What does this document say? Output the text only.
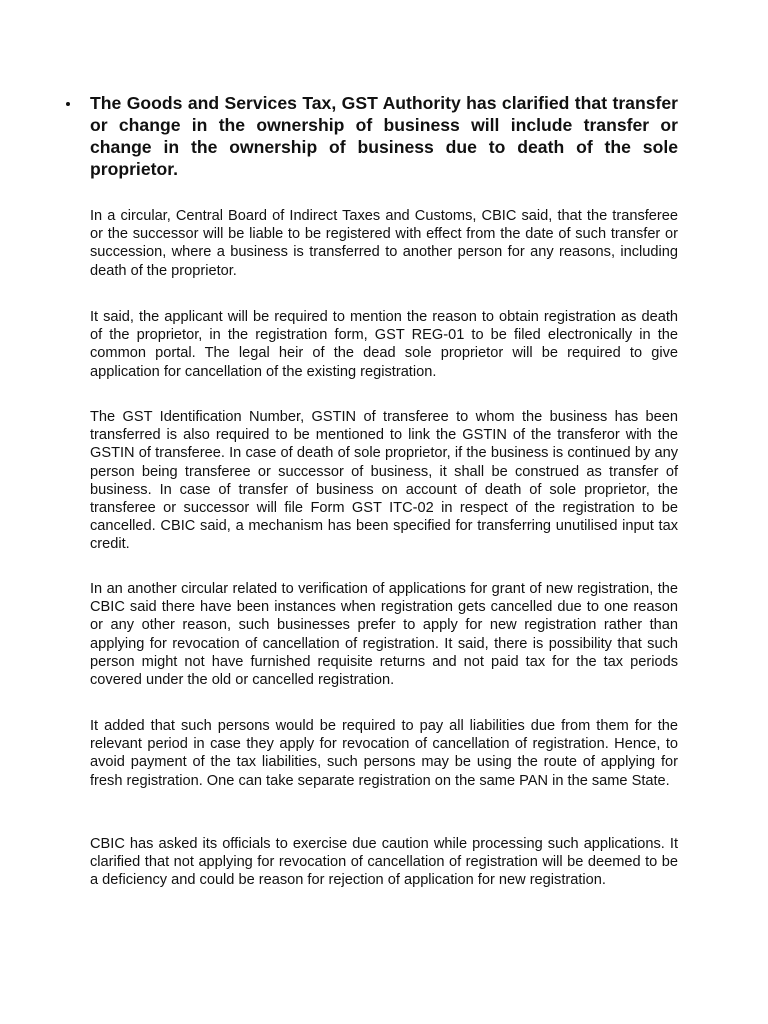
The Goods and Services Tax, GST Authority has clarified that transfer or change in the ownership of business will include transfer or change in the ownership of business due to death of the sole proprietor.

In a circular, Central Board of Indirect Taxes and Customs, CBIC said, that the transferee or the successor will be liable to be registered with effect from the date of such transfer or succession, where a business is transferred to another person for any reasons, including death of the proprietor.

It said, the applicant will be required to mention the reason to obtain registration as death of the proprietor, in the registration form, GST REG-01 to be filed electronically in the common portal. The legal heir of the dead sole proprietor will be required to give application for cancellation of the existing registration.

The GST Identification Number, GSTIN of transferee to whom the business has been transferred is also required to be mentioned to link the GSTIN of the transferor with the GSTIN of transferee. In case of death of sole proprietor, if the business is continued by any person being transferee or successor of business, it shall be construed as transfer of business. In case of transfer of business on account of death of sole proprietor, the transferee or successor will file Form GST ITC-02 in respect of the registration to be cancelled. CBIC said, a mechanism has been specified for transferring unutilised input tax credit.

In an another circular related to verification of applications for grant of new registration, the CBIC said there have been instances when registration gets cancelled due to one reason or any other reason, such businesses prefer to apply for new registration rather than applying for revocation of cancellation of registration. It said, there is possibility that such person might not have furnished requisite returns and not paid tax for the tax periods covered under the old or cancelled registration.

It added that such persons would be required to pay all liabilities due from them for the relevant period in case they apply for revocation of cancellation of registration. Hence, to avoid payment of the tax liabilities, such persons may be using the route of applying for fresh registration. One can take separate registration on the same PAN in the same State.

CBIC has asked its officials to exercise due caution while processing such applications. It clarified that not applying for revocation of cancellation of registration will be deemed to be a deficiency and could be reason for rejection of application for new registration.
